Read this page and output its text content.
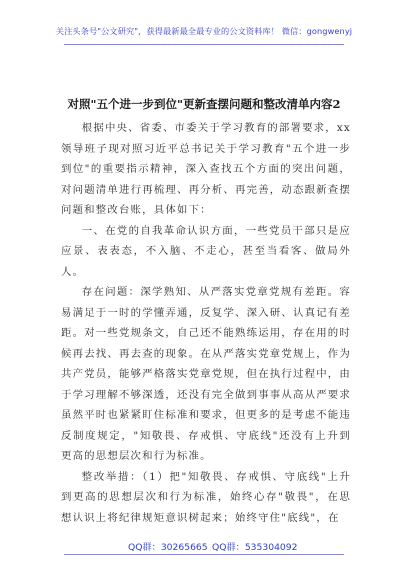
关注头条号"公文研究"，获得最新最全最专业的公文资料库！ 微信：gongwenyj
对照"五个进一步到位"更新查摆问题和整改清单内容2

根据中央、省委、市委关于学习教育的部署要求，xx领导班子现对照习近平总书记关于学习教育"五个进一步到位"的重要指示精神，深入查找五个方面的突出问题，对问题清单进行再梳理、再分析、再完善，动态跟新查摆问题和整改台账，具体如下：

一、在党的自我革命认识方面，一些党员干部只是应应景、表表态，不入脑、不走心，甚至当看客、做局外人。

存在问题：深学熟知、从严落实党章党规有差距。容易满足于一时的学懂弄通，反复学、深入研、认真记有差距。对一些党规条文，自己还不能熟练运用，存在用的时候再去找、再去查的现象。在从严落实党章党规上，作为共产党员，能够严格落实党章党规，但在执行过程中，由于学习理解不够深透，还没有完全做到事事从高从严要求虽然平时也紧紧盯住标准和要求，但更多的是考虑不能违反制度规定，"知敬畏、存戒惧、守底线"还没有上升到更高的思想层次和行为标准。

整改举措：（1）把"知敬畏、存戒惧、守底线"上升到更高的思想层次和行为标准，始终心存"敬畏"，在思想认识上将纪律规矩意识树起来；始终守住"底线"，在

QQ群：30265665 QQ群：535304092
